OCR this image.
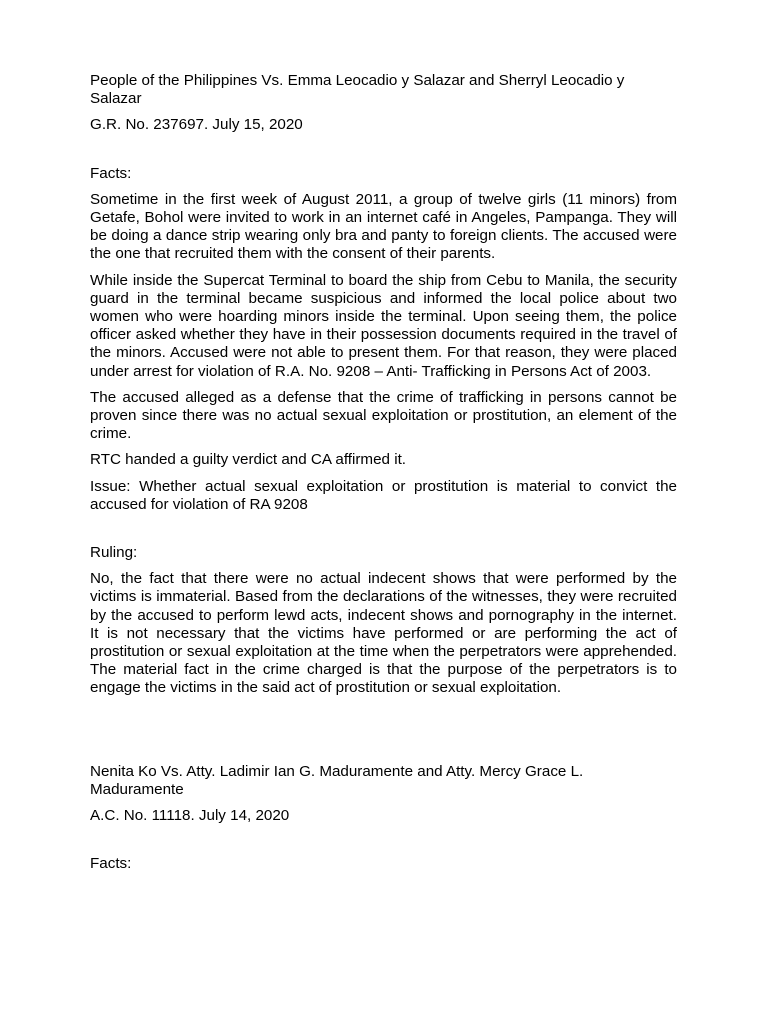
People of the Philippines Vs. Emma Leocadio y Salazar and Sherryl Leocadio y Salazar

G.R. No. 237697. July 15, 2020

Facts:

Sometime in the first week of August 2011, a group of twelve girls (11 minors) from Getafe, Bohol were invited to work in an internet café in Angeles, Pampanga. They will be doing a dance strip wearing only bra and panty to foreign clients. The accused were the one that recruited them with the consent of their parents.

While inside the Supercat Terminal to board the ship from Cebu to Manila, the security guard in the terminal became suspicious and informed the local police about two women who were hoarding minors inside the terminal. Upon seeing them, the police officer asked whether they have in their possession documents required in the travel of the minors. Accused were not able to present them. For that reason, they were placed under arrest for violation of R.A. No. 9208 – Anti- Trafficking in Persons Act of 2003.

The accused alleged as a defense that the crime of trafficking in persons cannot be proven since there was no actual sexual exploitation or prostitution, an element of the crime.

RTC handed a guilty verdict and CA affirmed it.

Issue: Whether actual sexual exploitation or prostitution is material to convict the accused for violation of RA 9208

Ruling:

No, the fact that there were no actual indecent shows that were performed by the victims is immaterial. Based from the declarations of the witnesses, they were recruited by the accused to perform lewd acts, indecent shows and pornography in the internet. It is not necessary that the victims have performed or are performing the act of prostitution or sexual exploitation at the time when the perpetrators were apprehended. The material fact in the crime charged is that the purpose of the perpetrators is to engage the victims in the said act of prostitution or sexual exploitation.

Nenita Ko Vs. Atty. Ladimir Ian G. Maduramente and Atty. Mercy Grace L. Maduramente

A.C. No. 11118. July 14, 2020

Facts:
